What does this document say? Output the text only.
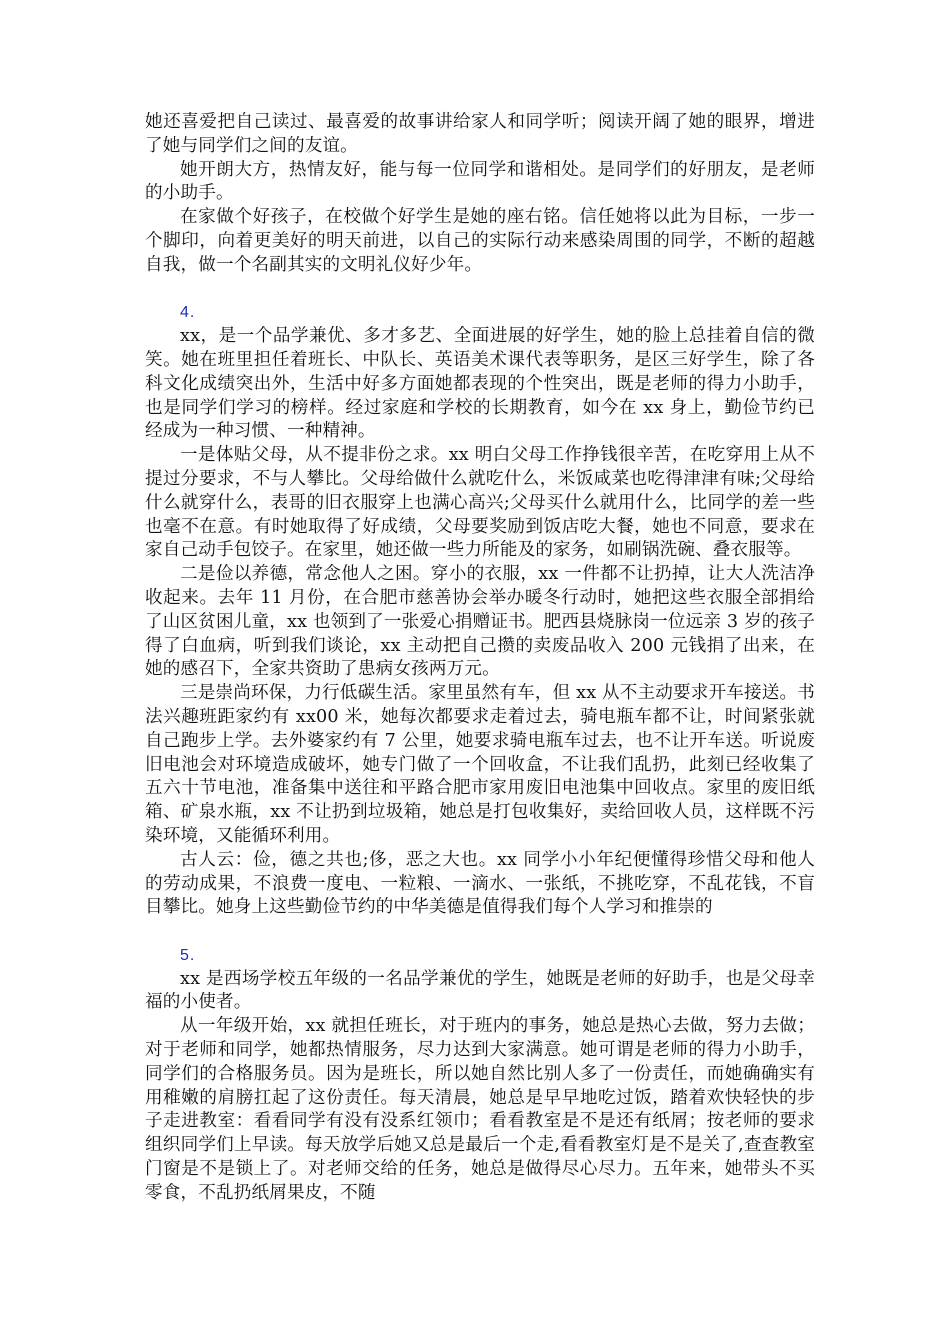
她还喜爱把自己读过、最喜爱的故事讲给家人和同学听；阅读开阔了她的眼界，增进了她与同学们之间的友谊。

她开朗大方，热情友好，能与每一位同学和谐相处。是同学们的好朋友，是老师的小助手。

在家做个好孩子，在校做个好学生是她的座右铭。信任她将以此为目标，一步一个脚印，向着更美好的明天前进，以自己的实际行动来感染周围的同学，不断的超越自我，做一个名副其实的文明礼仪好少年。

4.

xx，是一个品学兼优、多才多艺、全面进展的好学生，她的脸上总挂着自信的微笑。她在班里担任着班长、中队长、英语美术课代表等职务，是区三好学生，除了各科文化成绩突出外，生活中好多方面她都表现的个性突出，既是老师的得力小助手，也是同学们学习的榜样。经过家庭和学校的长期教育，如今在 xx 身上，勤俭节约已经成为一种习惯、一种精神。

一是体贴父母，从不提非份之求。xx 明白父母工作挣钱很辛苦，在吃穿用上从不提过分要求，不与人攀比。父母给做什么就吃什么，米饭咸菜也吃得津津有味;父母给什么就穿什么，表哥的旧衣服穿上也满心高兴;父母买什么就用什么，比同学的差一些也毫不在意。有时她取得了好成绩，父母要奖励到饭店吃大餐，她也不同意，要求在家自己动手包饺子。在家里，她还做一些力所能及的家务，如刷锅洗碗、叠衣服等。

二是俭以养德，常念他人之困。穿小的衣服，xx 一件都不让扔掉，让大人洗洁净收起来。去年 11 月份，在合肥市慈善协会举办暖冬行动时，她把这些衣服全部捐给了山区贫困儿童，xx 也领到了一张爱心捐赠证书。肥西县烧脉岗一位远亲 3 岁的孩子得了白血病，听到我们谈论，xx 主动把自己攒的卖废品收入 200 元钱捐了出来，在她的感召下，全家共资助了患病女孩两万元。

三是崇尚环保，力行低碳生活。家里虽然有车，但 xx 从不主动要求开车接送。书法兴趣班距家约有 xx00 米，她每次都要求走着过去，骑电瓶车都不让，时间紧张就自己跑步上学。去外婆家约有 7 公里，她要求骑电瓶车过去，也不让开车送。听说废旧电池会对环境造成破坏，她专门做了一个回收盒，不让我们乱扔，此刻已经收集了五六十节电池，准备集中送往和平路合肥市家用废旧电池集中回收点。家里的废旧纸箱、矿泉水瓶，xx 不让扔到垃圾箱，她总是打包收集好，卖给回收人员，这样既不污染环境，又能循环利用。

古人云：俭，德之共也;侈，恶之大也。xx 同学小小年纪便懂得珍惜父母和他人的劳动成果，不浪费一度电、一粒粮、一滴水、一张纸，不挑吃穿，不乱花钱，不盲目攀比。她身上这些勤俭节约的中华美德是值得我们每个人学习和推崇的

5.

xx 是西场学校五年级的一名品学兼优的学生，她既是老师的好助手，也是父母幸福的小使者。

从一年级开始，xx 就担任班长，对于班内的事务，她总是热心去做，努力去做；对于老师和同学，她都热情服务，尽力达到大家满意。她可谓是老师的得力小助手，同学们的合格服务员。因为是班长，所以她自然比别人多了一份责任，而她确确实有用稚嫩的肩膀扛起了这份责任。每天清晨，她总是早早地吃过饭，踏着欢快轻快的步子走进教室：看看同学有没有没系红领巾；看看教室是不是还有纸屑；按老师的要求组织同学们上早读。每天放学后她又总是最后一个走,看看教室灯是不是关了,查查教室门窗是不是锁上了。对老师交给的任务，她总是做得尽心尽力。五年来，她带头不买零食，不乱扔纸屑果皮，不随
